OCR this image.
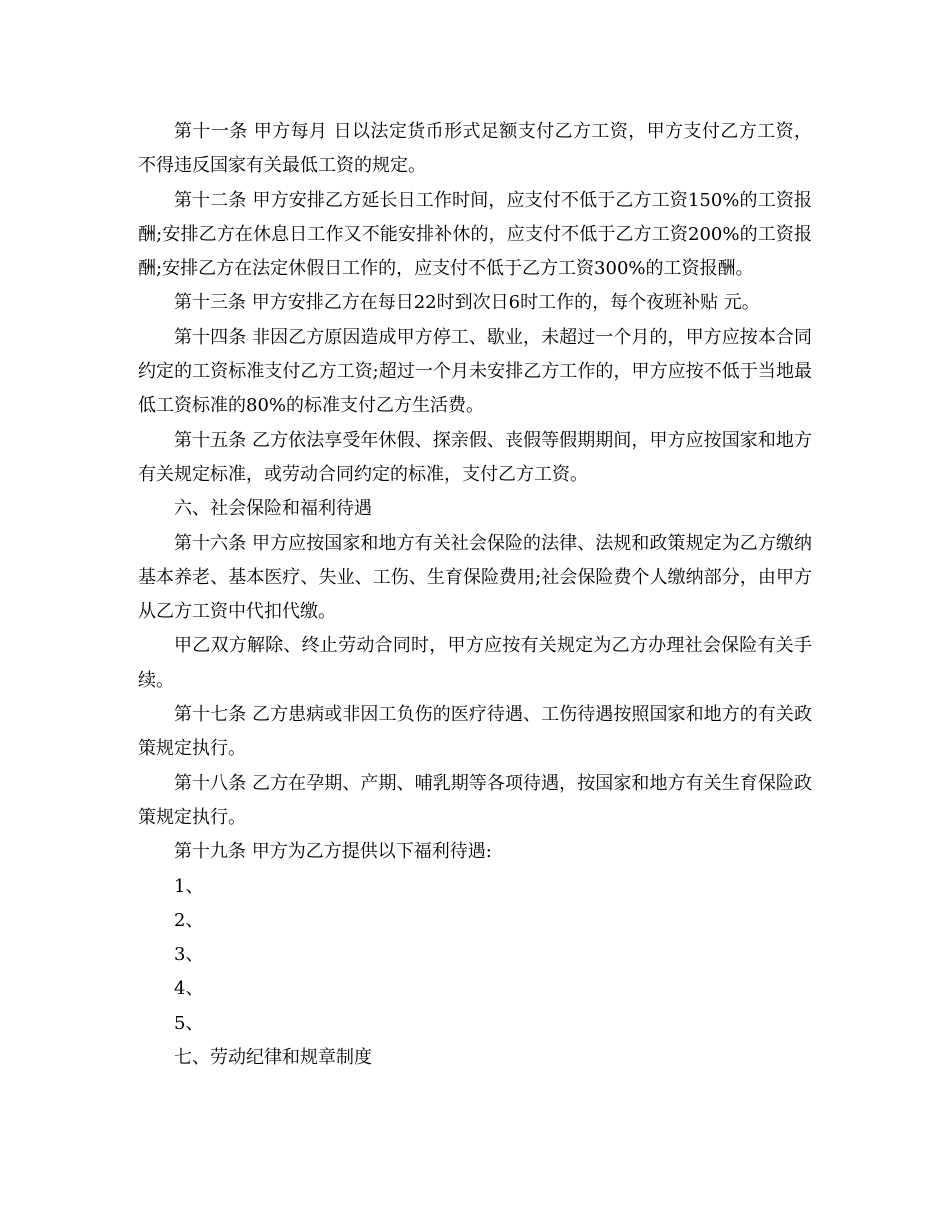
第十一条 甲方每月 日以法定货币形式足额支付乙方工资，甲方支付乙方工资，不得违反国家有关最低工资的规定。

第十二条 甲方安排乙方延长日工作时间，应支付不低于乙方工资150%的工资报酬;安排乙方在休息日工作又不能安排补休的，应支付不低于乙方工资200%的工资报酬;安排乙方在法定休假日工作的，应支付不低于乙方工资300%的工资报酬。

第十三条 甲方安排乙方在每日22时到次日6时工作的，每个夜班补贴 元。

第十四条 非因乙方原因造成甲方停工、歇业，未超过一个月的，甲方应按本合同约定的工资标准支付乙方工资;超过一个月未安排乙方工作的，甲方应按不低于当地最低工资标准的80%的标准支付乙方生活费。

第十五条 乙方依法享受年休假、探亲假、丧假等假期期间，甲方应按国家和地方有关规定标准，或劳动合同约定的标准，支付乙方工资。

六、社会保险和福利待遇

第十六条 甲方应按国家和地方有关社会保险的法律、法规和政策规定为乙方缴纳基本养老、基本医疗、失业、工伤、生育保险费用;社会保险费个人缴纳部分，由甲方从乙方工资中代扣代缴。

甲乙双方解除、终止劳动合同时，甲方应按有关规定为乙方办理社会保险有关手续。

第十七条 乙方患病或非因工负伤的医疗待遇、工伤待遇按照国家和地方的有关政策规定执行。

第十八条 乙方在孕期、产期、哺乳期等各项待遇，按国家和地方有关生育保险政策规定执行。

第十九条 甲方为乙方提供以下福利待遇:

1、

2、

3、

4、

5、

七、劳动纪律和规章制度
